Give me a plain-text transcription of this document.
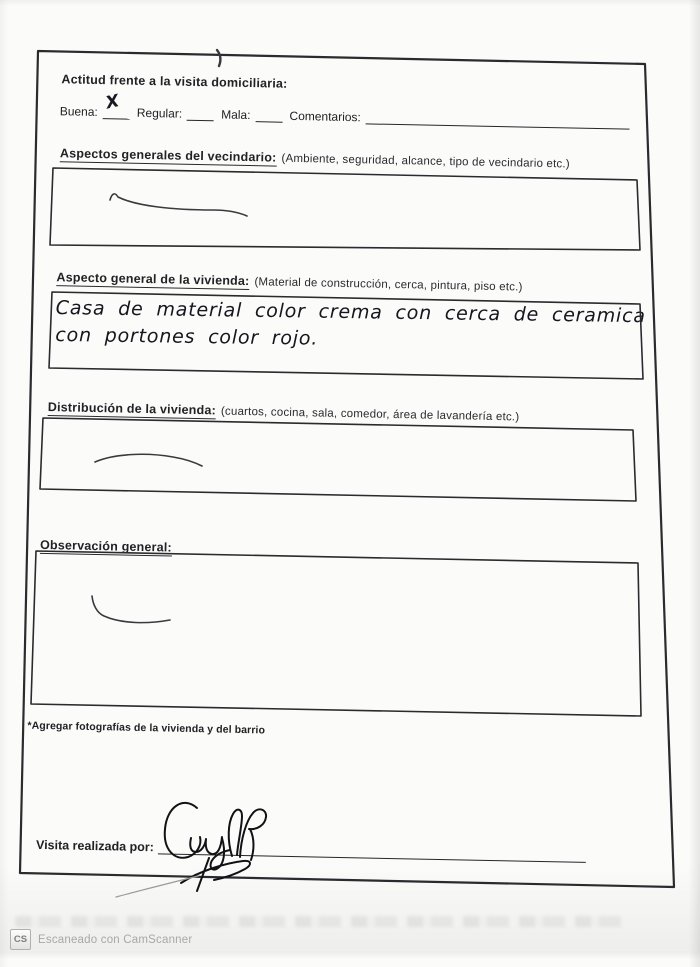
Actitud frente a la visita domiciliaria:
Buena: X Regular:	Mala:	Comentarios:
Aspectos generales del vecindario: (Ambiente, seguridad, alcance, tipo de vecindario etc.)
Aspecto general de la vivienda: (Material de construcción, cerca, pintura, piso etc.)
Casa de material color crema con cerca de ceramica
con portones color rojo.
Distribución de la vivienda: (cuartos, cocina, sala, comedor, área de lavandería etc.)
Observación general:
*Agregar fotografías de la vivienda y del barrio
Visita realizada por:
CS Escaneado con CamScanner
